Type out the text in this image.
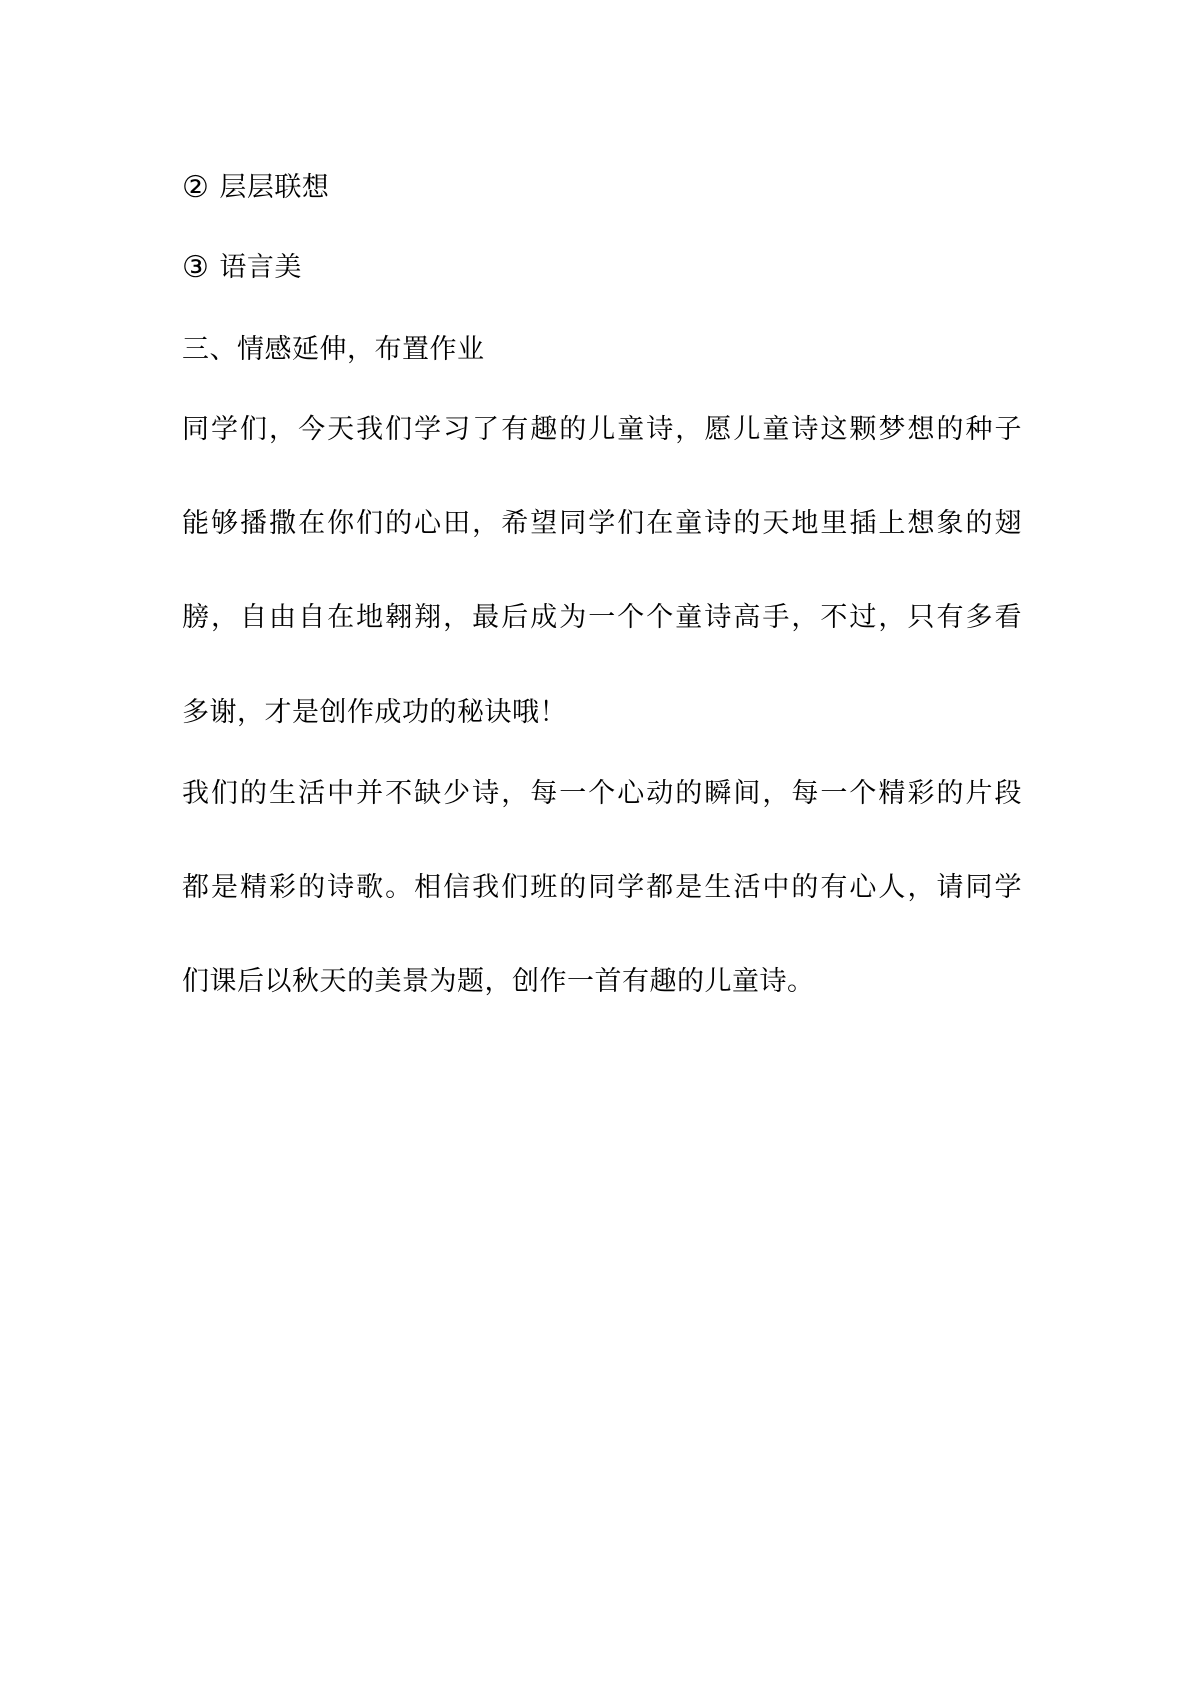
② 层层联想
③ 语言美
三、情感延伸，布置作业
同学们，今天我们学习了有趣的儿童诗，愿儿童诗这颗梦想的种子
能够播撒在你们的心田，希望同学们在童诗的天地里插上想象的翅
膀，自由自在地翱翔，最后成为一个个童诗高手，不过，只有多看
多谢，才是创作成功的秘诀哦！
我们的生活中并不缺少诗，每一个心动的瞬间，每一个精彩的片段
都是精彩的诗歌。相信我们班的同学都是生活中的有心人，请同学
们课后以秋天的美景为题，创作一首有趣的儿童诗。
